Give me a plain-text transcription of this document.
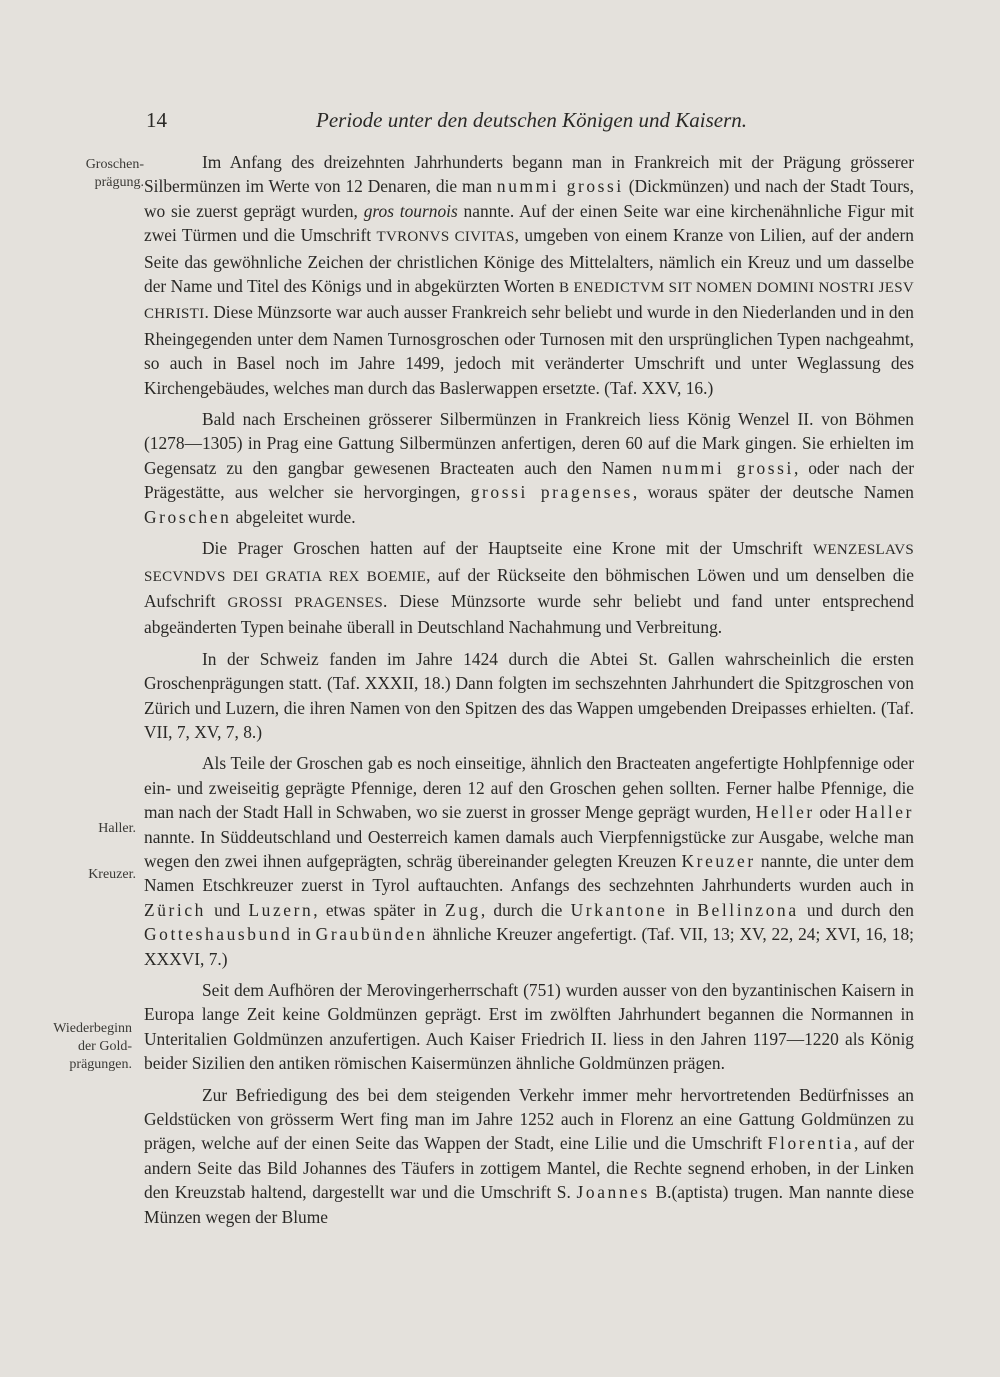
14	Periode unter den deutschen Königen und Kaisern.
Groschen-
prägung.
Haller.
Kreuzer.
Wiederbeginn
der Gold-
prägungen.

Im Anfang des dreizehnten Jahrhunderts begann man in Frankreich mit der Prägung grösserer Silbermünzen im Werte von 12 Denaren, die man nummi grossi (Dickmünzen) und nach der Stadt Tours, wo sie zuerst geprägt wurden, gros tournois nannte. Auf der einen Seite war eine kirchenähnliche Figur mit zwei Türmen und die Umschrift TVRONVS CIVITAS, umgeben von einem Kranze von Lilien, auf der andern Seite das gewöhnliche Zeichen der christlichen Könige des Mittelalters, nämlich ein Kreuz und um dasselbe der Name und Titel des Königs und in abgekürzten Worten B ENEDICTVM SIT NOMEN DOMINI NOSTRI JESV CHRISTI. Diese Münzsorte war auch ausser Frankreich sehr beliebt und wurde in den Niederlanden und in den Rheingegenden unter dem Namen Turnosgroschen oder Turnosen mit den ursprünglichen Typen nachgeahmt, so auch in Basel noch im Jahre 1499, jedoch mit veränderter Umschrift und unter Weglassung des Kirchengebäudes, welches man durch das Baslerwappen ersetzte. (Taf. XXV, 16.)

Bald nach Erscheinen grösserer Silbermünzen in Frankreich liess König Wenzel II. von Böhmen (1278—1305) in Prag eine Gattung Silbermünzen anfertigen, deren 60 auf die Mark gingen. Sie erhielten im Gegensatz zu den gangbar gewesenen Bracteaten auch den Namen nummi grossi, oder nach der Prägestätte, aus welcher sie hervorgingen, grossi pragenses, woraus später der deutsche Namen Groschen abgeleitet wurde.

Die Prager Groschen hatten auf der Hauptseite eine Krone mit der Umschrift WENZESLAVS SECVNDVS DEI GRATIA REX BOEMIE, auf der Rückseite den böhmischen Löwen und um denselben die Aufschrift GROSSI PRAGENSES. Diese Münzsorte wurde sehr beliebt und fand unter entsprechend abgeänderten Typen beinahe überall in Deutschland Nachahmung und Verbreitung.

In der Schweiz fanden im Jahre 1424 durch die Abtei St. Gallen wahrscheinlich die ersten Groschenprägungen statt. (Taf. XXXII, 18.) Dann folgten im sechszehnten Jahrhundert die Spitzgroschen von Zürich und Luzern, die ihren Namen von den Spitzen des das Wappen umgebenden Dreipasses erhielten. (Taf. VII, 7, XV, 7, 8.)

Als Teile der Groschen gab es noch einseitige, ähnlich den Bracteaten angefertigte Hohlpfennige oder ein- und zweiseitig geprägte Pfennige, deren 12 auf den Groschen gehen sollten. Ferner halbe Pfennige, die man nach der Stadt Hall in Schwaben, wo sie zuerst in grosser Menge geprägt wurden, Heller oder Haller nannte. In Süddeutschland und Oesterreich kamen damals auch Vierpfennigstücke zur Ausgabe, welche man wegen den zwei ihnen aufgeprägten, schräg übereinander gelegten Kreuzen Kreuzer nannte, die unter dem Namen Etschkreuzer zuerst in Tyrol auftauchten. Anfangs des sechzehnten Jahrhunderts wurden auch in Zürich und Luzern, etwas später in Zug, durch die Urkantone in Bellinzona und durch den Gotteshausbund in Graubünden ähnliche Kreuzer angefertigt. (Taf. VII, 13; XV, 22, 24; XVI, 16, 18; XXXVI, 7.)

Seit dem Aufhören der Merovingerherrschaft (751) wurden ausser von den byzantinischen Kaisern in Europa lange Zeit keine Goldmünzen geprägt. Erst im zwölften Jahrhundert begannen die Normannen in Unteritalien Goldmünzen anzufertigen. Auch Kaiser Friedrich II. liess in den Jahren 1197—1220 als König beider Sizilien den antiken römischen Kaisermünzen ähnliche Goldmünzen prägen.

Zur Befriedigung des bei dem steigenden Verkehr immer mehr hervortretenden Bedürfnisses an Geldstücken von grösserm Wert fing man im Jahre 1252 auch in Florenz an eine Gattung Goldmünzen zu prägen, welche auf der einen Seite das Wappen der Stadt, eine Lilie und die Umschrift Florentia, auf der andern Seite das Bild Johannes des Täufers in zottigem Mantel, die Rechte segnend erhoben, in der Linken den Kreuzstab haltend, dargestellt war und die Umschrift S. Joannes B.(aptista) trugen. Man nannte diese Münzen wegen der Blume
